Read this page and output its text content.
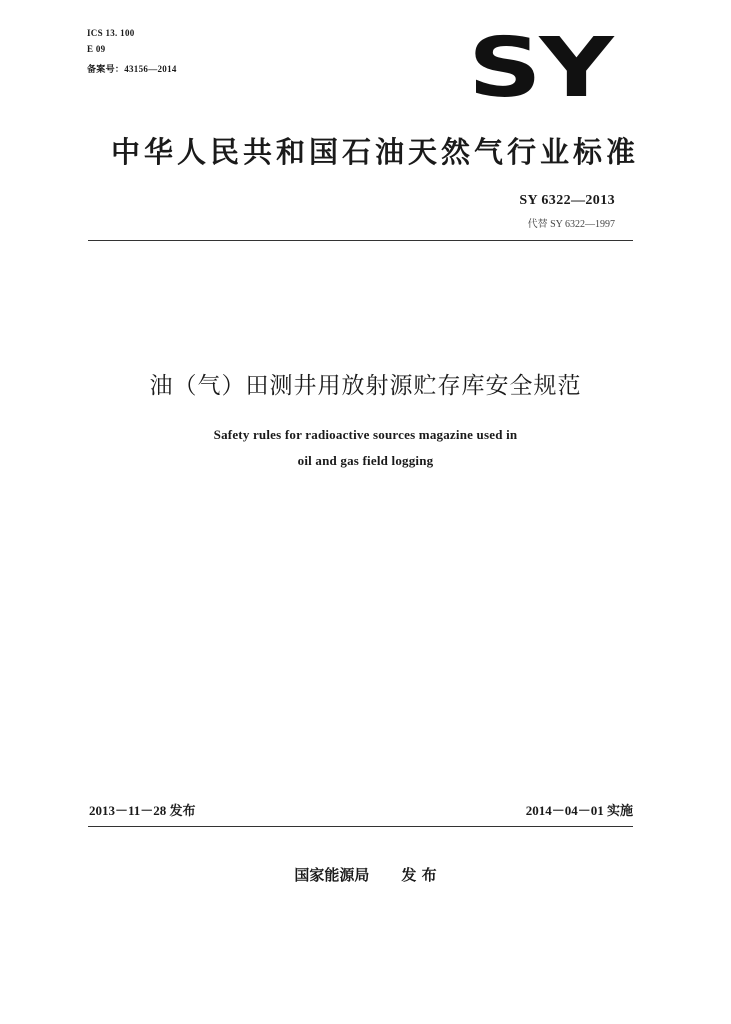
ICS 13. 100
E 09
备案号：43156—2014	SY
中华人民共和国石油天然气行业标准
SY 6322—2013
代替 SY 6322—1997
油（气）田测井用放射源贮存库安全规范
Safety rules for radioactive sources magazine used in
oil and gas field logging
2013－11－28 发布	2014－04－01 实施
国家能源局 发 布
